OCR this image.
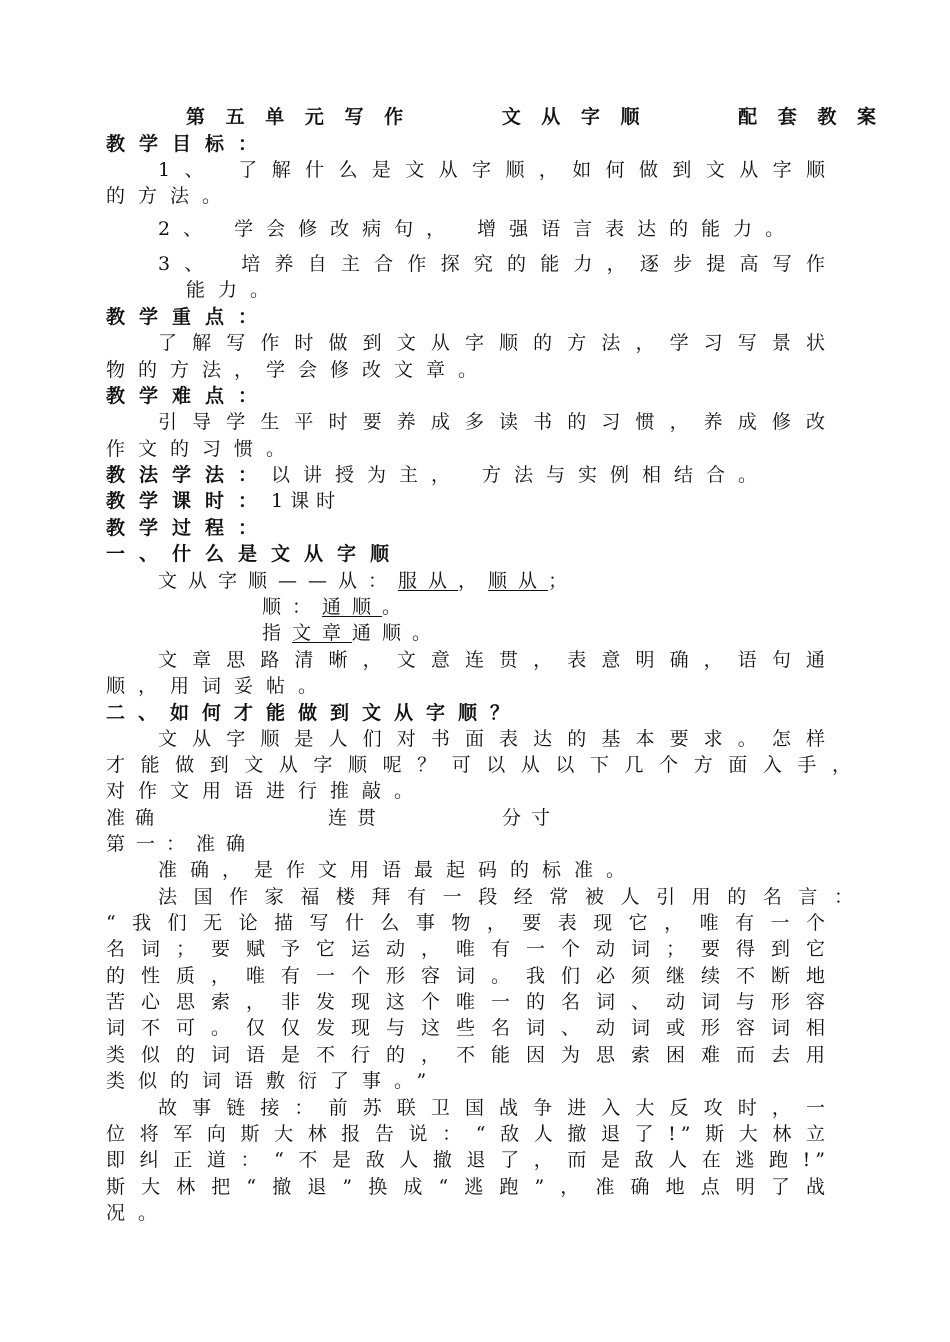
第 五 单 元 写 作 　　　文 从 字 顺 　　　配 套 教 案
教学目标：
1、 了解什么是文从字顺，如何做到文从字顺
的方法。
2、 学会修改病句， 增强语言表达的能力。
3、　培养自主合作探究的能力，逐步提高写作
能力。
教学重点：
了解写作时做到文从字顺的方法，学习写景状
物的方法，学会修改文章。
教学难点：
引导学生平时要养成多读书的习惯，养成修改
作文的习惯。
教法学法：以讲授为主， 方法与实例相结合。
教学课时：1课时
教学过程：
一、什么是文从字顺
文从字顺——从：服从，顺从；
顺：通顺。
指文章通顺。
文章思路清晰，文意连贯，表意明确，语句通
顺，用词妥帖。
二、如何才能做到文从字顺？
文从字顺是人们对书面表达的基本要求。怎样
才能做到文从字顺呢？可以从以下几个方面入手，
对作文用语进行推敲。
准确	连贯	分寸
第一：准确
准确，是作文用语最起码的标准。
法国作家福楼拜有一段经常被人引用的名言：
“我们无论描写什么事物，要表现它，唯有一个
名词；要赋予它运动，唯有一个动词；要得到它
的性质，唯有一个形容词。我们必须继续不断地
苦心思索，非发现这个唯一的名词、动词与形容
词不可。仅仅发现与这些名词、动词或形容词相
类似的词语是不行的，不能因为思索困难而去用
类似的词语敷衍了事。”
故事链接：前苏联卫国战争进入大反攻时，一
位将军向斯大林报告说：“敌人撤退了!”斯大林立
即纠正道：“不是敌人撤退了，而是敌人在逃跑!”
斯大林把“撤退”换成“逃跑”，准确地点明了战
况。
